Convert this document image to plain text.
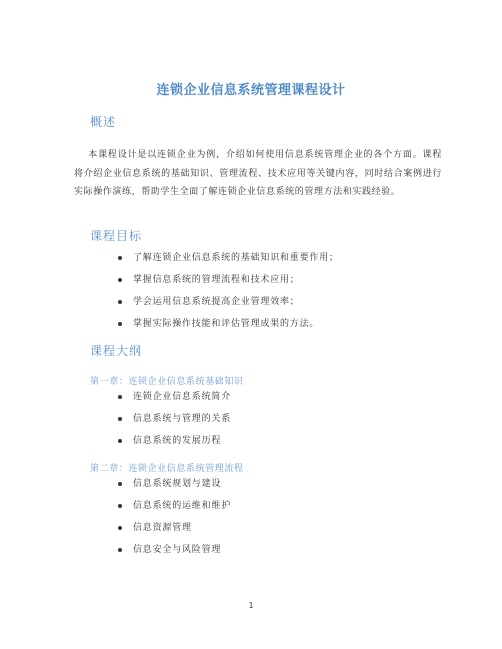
连锁企业信息系统管理课程设计
概述
本课程设计是以连锁企业为例，介绍如何使用信息系统管理企业的各个方面。课程将介绍企业信息系统的基础知识、管理流程、技术应用等关键内容，同时结合案例进行实际操作演练，帮助学生全面了解连锁企业信息系统的管理方法和实践经验。
课程目标
了解连锁企业信息系统的基础知识和重要作用；
掌握信息系统的管理流程和技术应用；
学会运用信息系统提高企业管理效率；
掌握实际操作技能和评估管理成果的方法。
课程大纲
第一章：连锁企业信息系统基础知识
连锁企业信息系统简介
信息系统与管理的关系
信息系统的发展历程
第二章：连锁企业信息系统管理流程
信息系统规划与建设
信息系统的运维和维护
信息资源管理
信息安全与风险管理
1
